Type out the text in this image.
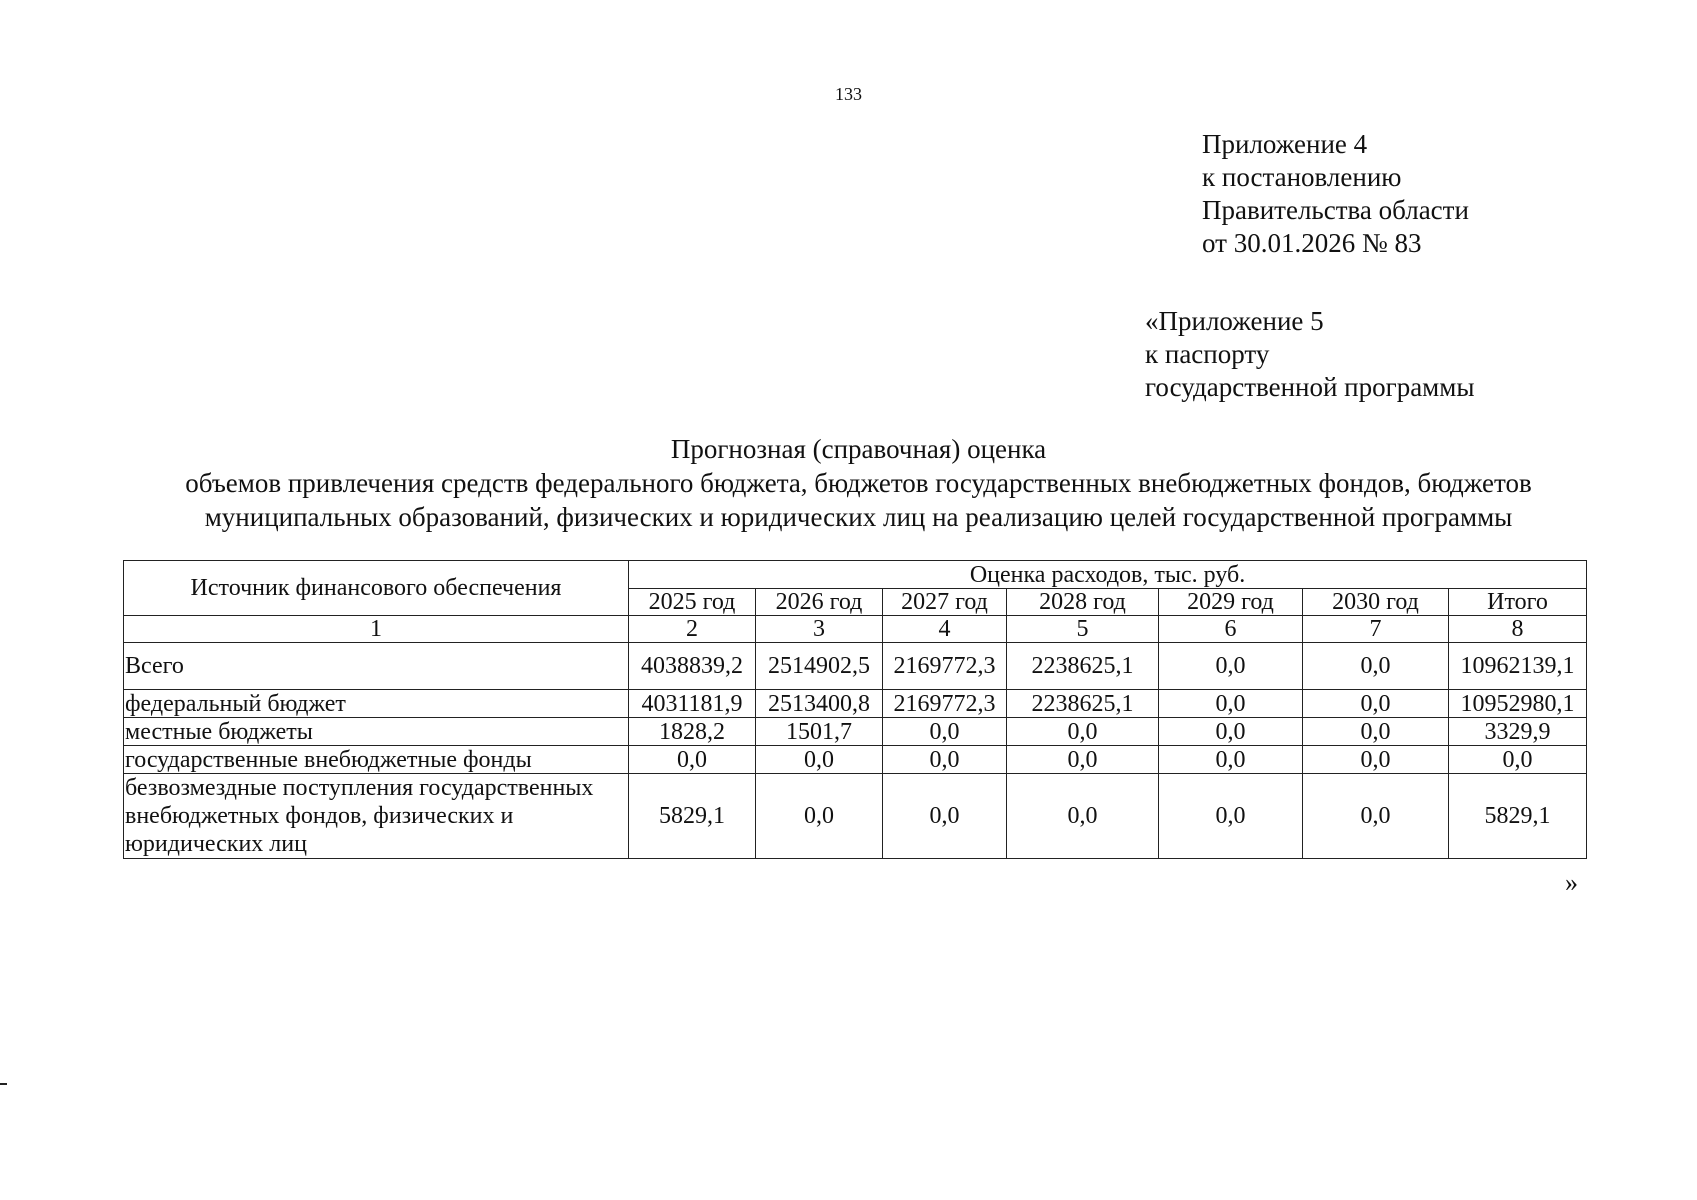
133
Приложение 4
к постановлению
Правительства области
от 30.01.2026 № 83
«Приложение 5
к паспорту
государственной программы
Прогнозная (справочная) оценка
объемов привлечения средств федерального бюджета, бюджетов государственных внебюджетных фондов, бюджетов
муниципальных образований, физических и юридических лиц на реализацию целей государственной программы
Источник финансового обеспечения	Оценка расходов, тыс. руб.						
	2025 год	2026 год	2027 год	2028 год	2029 год	2030 год	Итого
1	2	3	4	5	6	7	8
Всего	4038839,2	2514902,5	2169772,3	2238625,1	0,0	0,0	10962139,1
федеральный бюджет	4031181,9	2513400,8	2169772,3	2238625,1	0,0	0,0	10952980,1
местные бюджеты	1828,2	1501,7	0,0	0,0	0,0	0,0	3329,9
государственные внебюджетные фонды	0,0	0,0	0,0	0,0	0,0	0,0	0,0
безвозмездные поступления государственных внебюджетных фондов, физических и юридических лиц	5829,1	0,0	0,0	0,0	0,0	0,0	5829,1
»
